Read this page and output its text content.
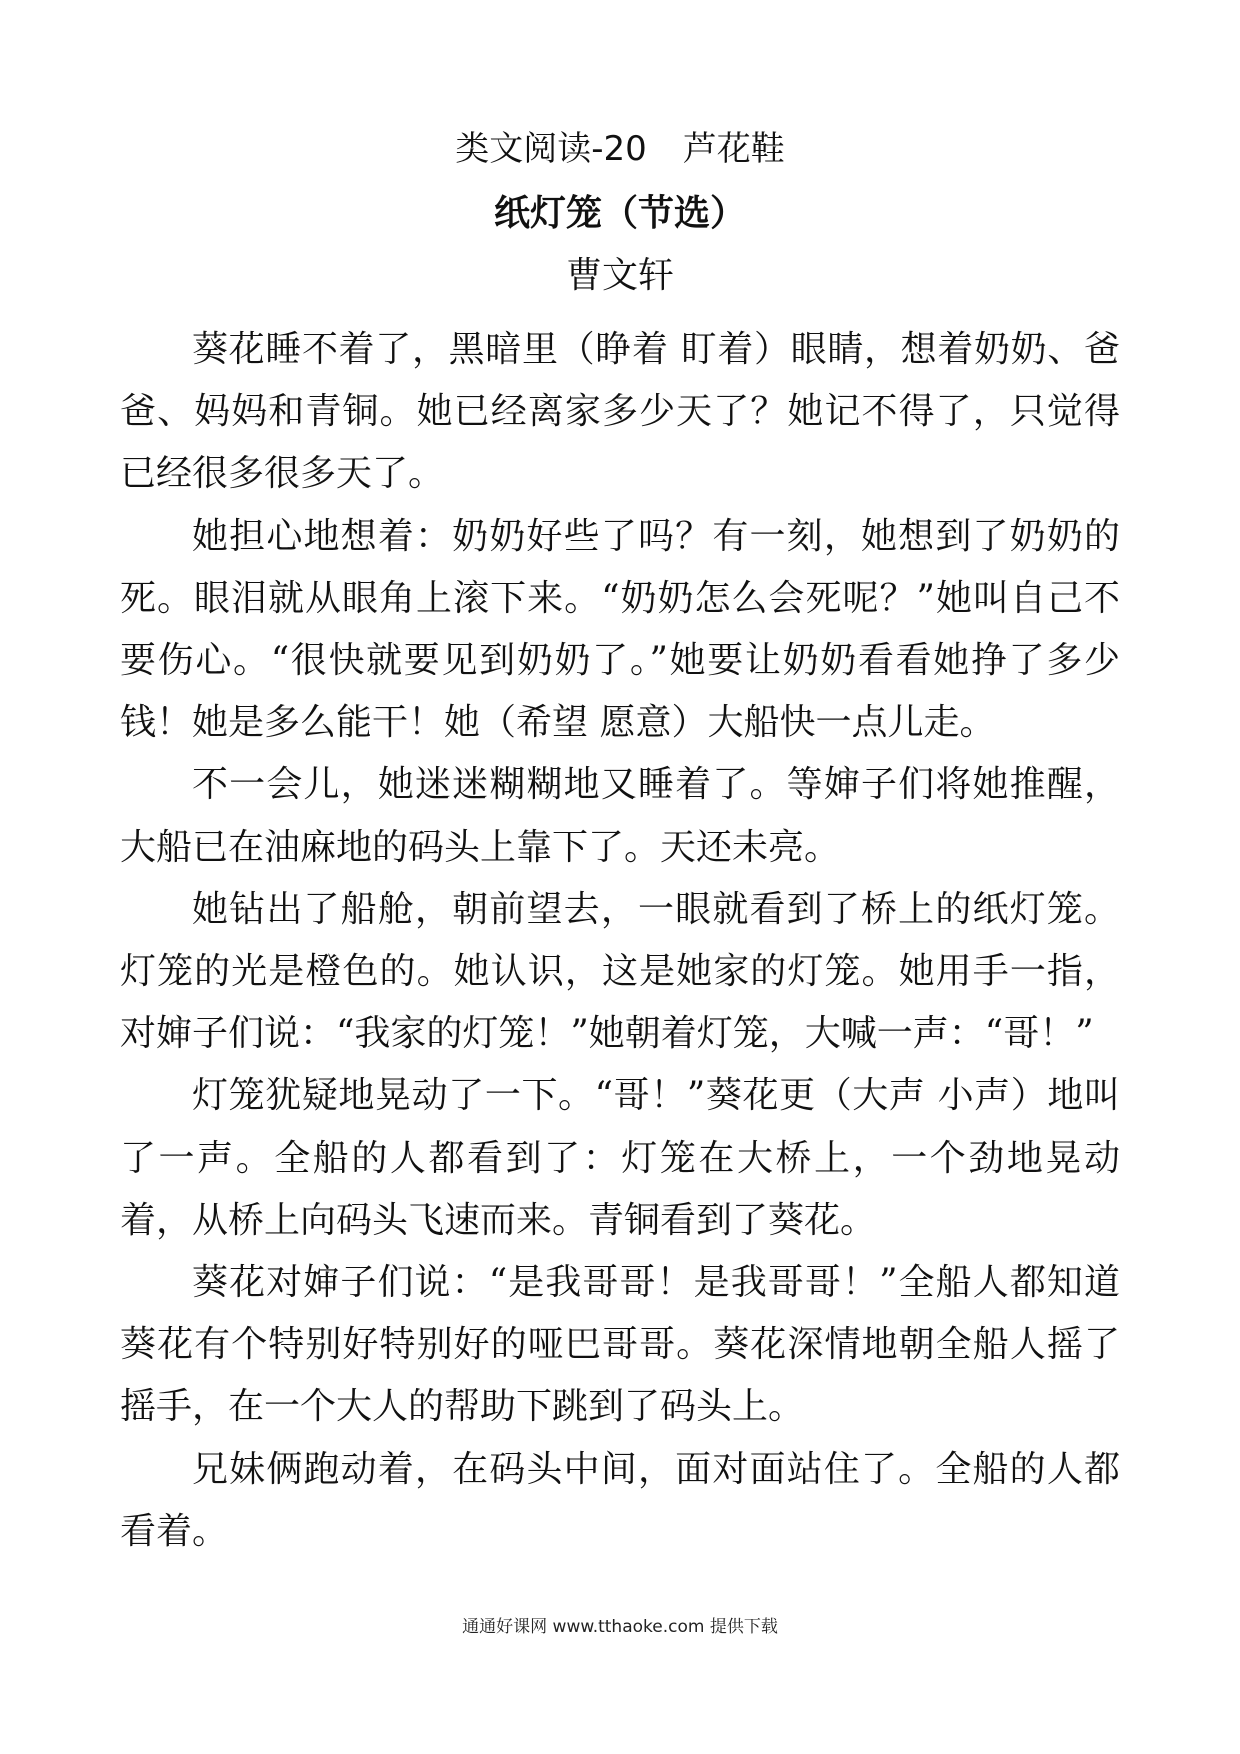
类文阅读-20 芦花鞋
纸灯笼（节选）
曹文轩

葵花睡不着了，黑暗里（睁着 盯着）眼睛，想着奶奶、爸爸、妈妈和青铜。她已经离家多少天了？她记不得了，只觉得已经很多很多天了。

她担心地想着：奶奶好些了吗？有一刻，她想到了奶奶的死。眼泪就从眼角上滚下来。“奶奶怎么会死呢？”她叫自己不要伤心。“很快就要见到奶奶了。”她要让奶奶看看她挣了多少钱！她是多么能干！她（希望 愿意）大船快一点儿走。

不一会儿，她迷迷糊糊地又睡着了。等婶子们将她推醒，大船已在油麻地的码头上靠下了。天还未亮。

她钻出了船舱，朝前望去，一眼就看到了桥上的纸灯笼。灯笼的光是橙色的。她认识，这是她家的灯笼。她用手一指，对婶子们说：“我家的灯笼！”她朝着灯笼，大喊一声：“哥！”

灯笼犹疑地晃动了一下。“哥！”葵花更（大声 小声）地叫了一声。全船的人都看到了：灯笼在大桥上，一个劲地晃动着，从桥上向码头飞速而来。青铜看到了葵花。

葵花对婶子们说：“是我哥哥！是我哥哥！”全船人都知道葵花有个特别好特别好的哑巴哥哥。葵花深情地朝全船人摇了摇手，在一个大人的帮助下跳到了码头上。

兄妹俩跑动着，在码头中间，面对面站住了。全船的人都看着。

通通好课网 www.tthaoke.com 提供下载
